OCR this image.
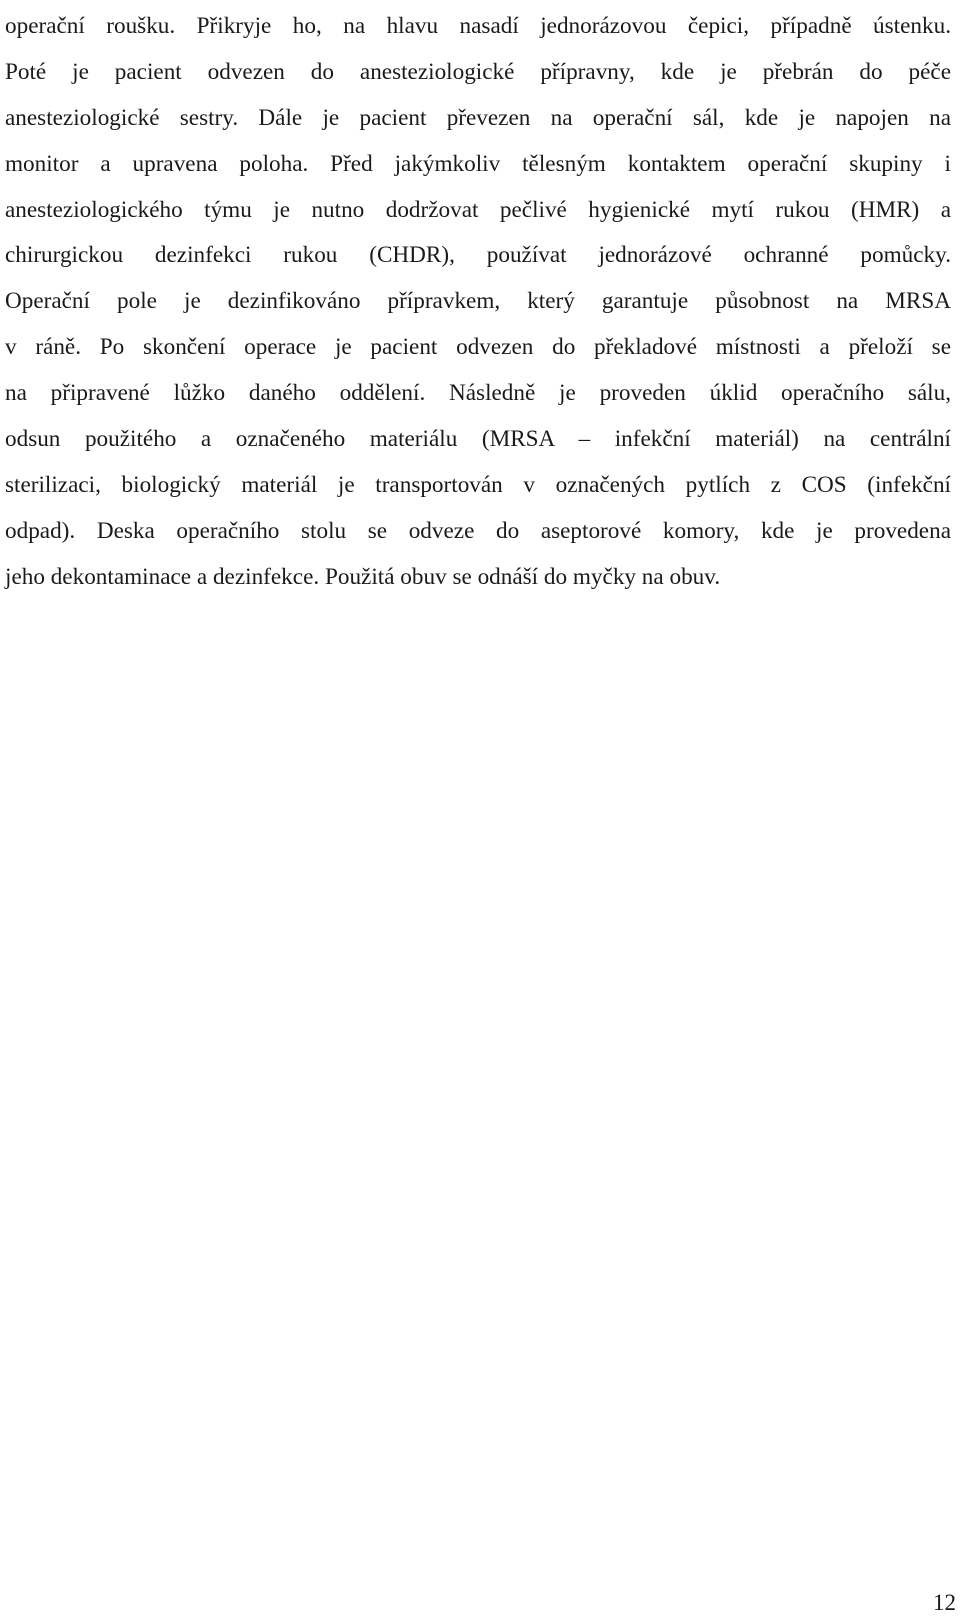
operační roušku. Přikryje ho, na hlavu nasadí jednorázovou čepici, případně ústenku.
Poté je pacient odvezen do anesteziologické přípravny, kde je přebrán do péče
anesteziologické sestry. Dále je pacient převezen na operační sál, kde je napojen na
monitor a upravena poloha. Před jakýmkoliv tělesným kontaktem operační skupiny i
anesteziologického týmu je nutno dodržovat pečlivé hygienické mytí rukou (HMR) a
chirurgickou dezinfekci rukou (CHDR), používat jednorázové ochranné pomůcky.
Operační pole je dezinfikováno přípravkem, který garantuje působnost na MRSA
v ráně. Po skončení operace je pacient odvezen do překladové místnosti a přeloží se
na připravené lůžko daného oddělení. Následně je proveden úklid operačního sálu,
odsun použitého a označeného materiálu (MRSA – infekční materiál) na centrální
sterilizaci, biologický materiál je transportován v označených pytlích z COS (infekční
odpad). Deska operačního stolu se odveze do aseptorové komory, kde je provedena
jeho dekontaminace a dezinfekce. Použitá obuv se odnáší do myčky na obuv.
12
